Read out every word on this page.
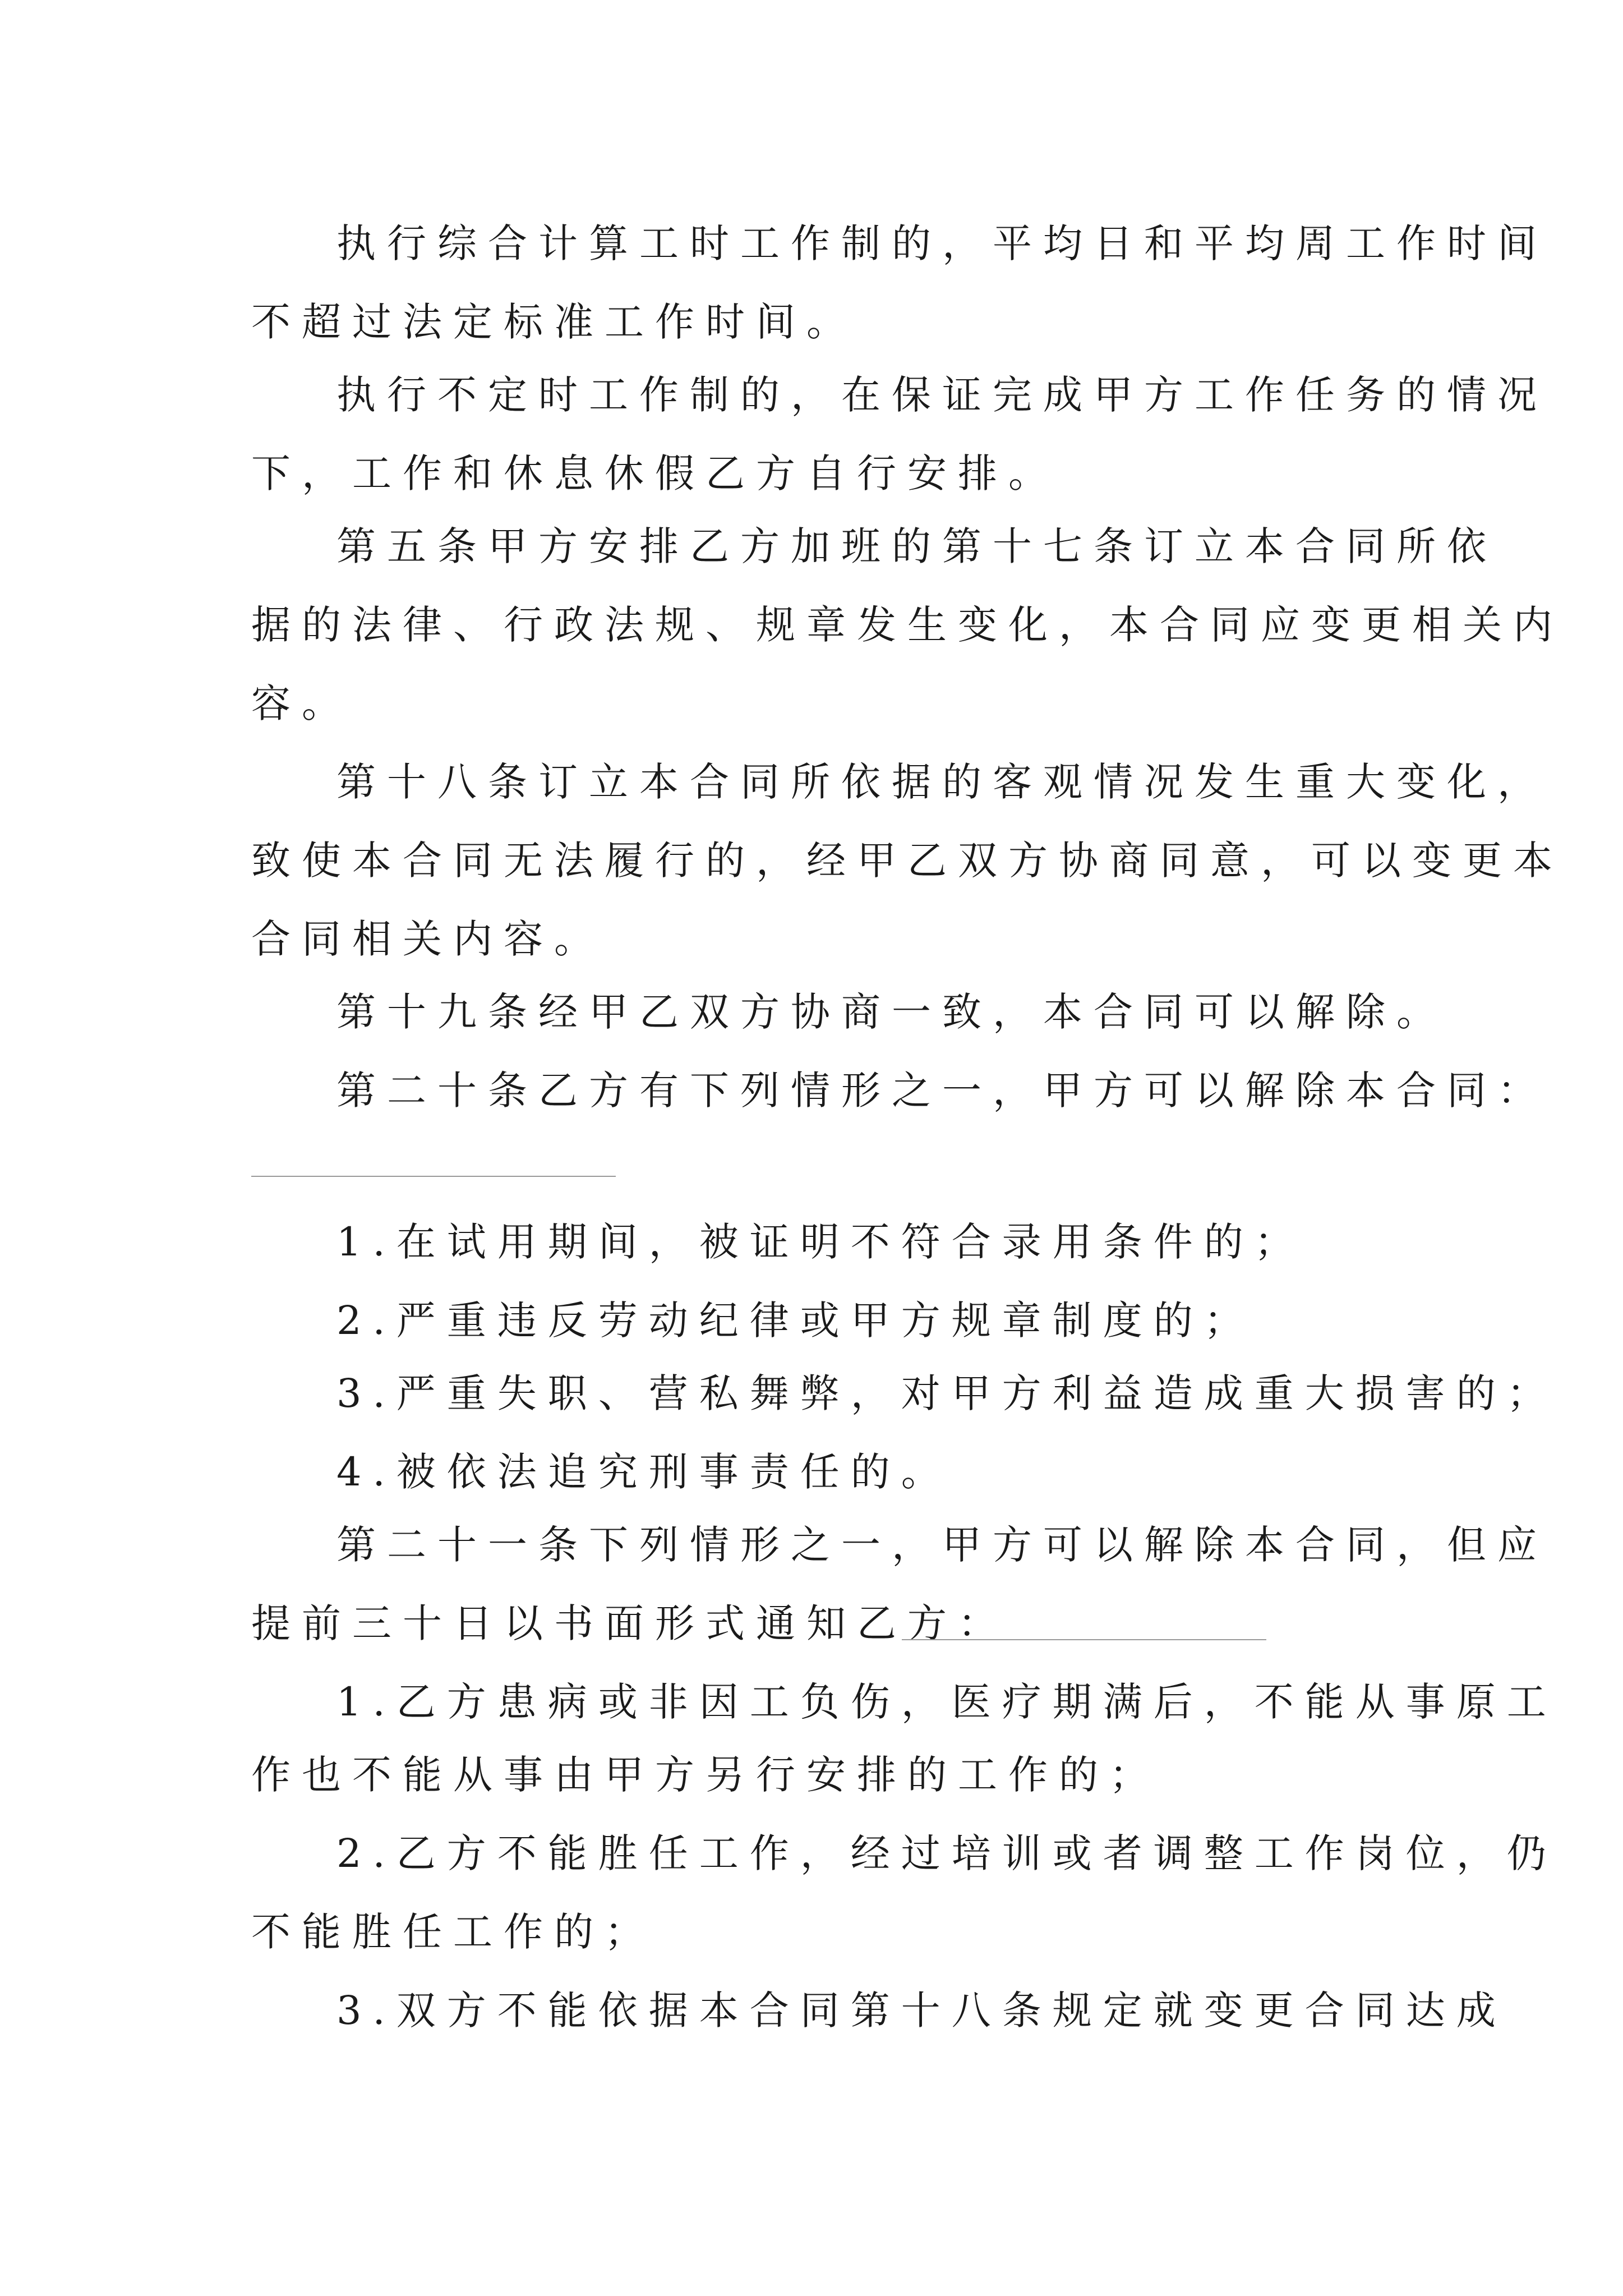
执行综合计算工时工作制的，平均日和平均周工作时间
不超过法定标准工作时间。
执行不定时工作制的，在保证完成甲方工作任务的情况
下，工作和休息休假乙方自行安排。
第五条甲方安排乙方加班的第十七条订立本合同所依
据的法律、行政法规、规章发生变化，本合同应变更相关内
容。
第十八条订立本合同所依据的客观情况发生重大变化，
致使本合同无法履行的，经甲乙双方协商同意，可以变更本
合同相关内容。
第十九条经甲乙双方协商一致，本合同可以解除。
第二十条乙方有下列情形之一，甲方可以解除本合同：
1.在试用期间，被证明不符合录用条件的；
2.严重违反劳动纪律或甲方规章制度的；
3.严重失职、营私舞弊，对甲方利益造成重大损害的；
4.被依法追究刑事责任的。
第二十一条下列情形之一，甲方可以解除本合同，但应
提前三十日以书面形式通知乙方：
1.乙方患病或非因工负伤，医疗期满后，不能从事原工
作也不能从事由甲方另行安排的工作的；
2.乙方不能胜任工作，经过培训或者调整工作岗位，仍
不能胜任工作的；
3.双方不能依据本合同第十八条规定就变更合同达成
